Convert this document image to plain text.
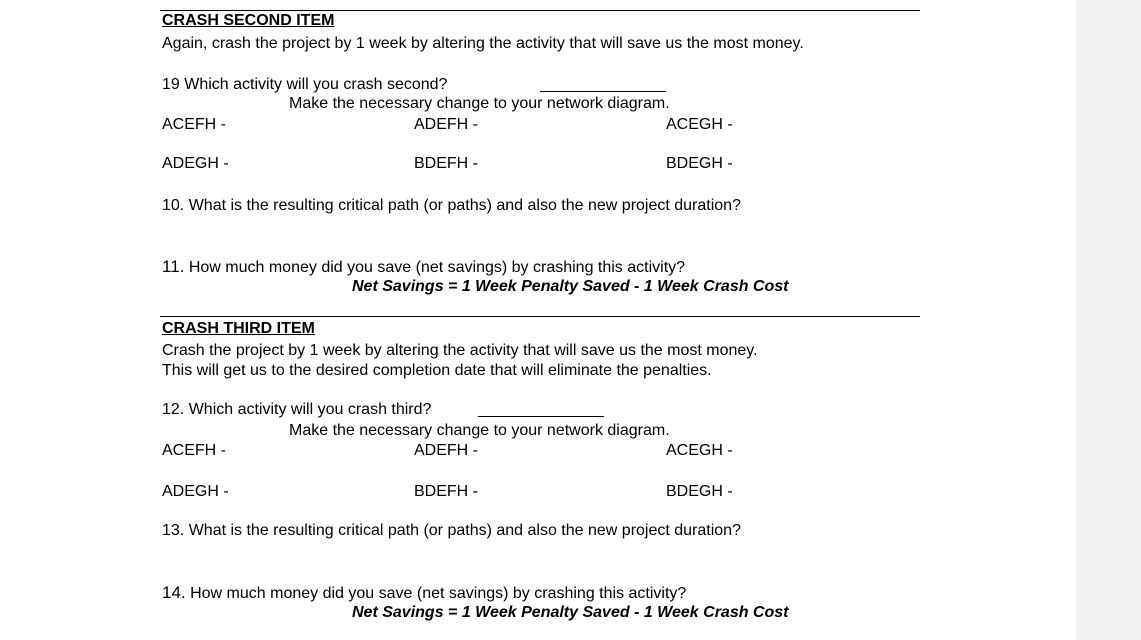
CRASH SECOND ITEM
Again, crash the project by 1 week by altering the activity that will save us the most money.
19 Which activity will you crash second?
Make the necessary change to your network diagram.
ACEFH -	ADEFH -	ACEGH -
ADEGH -	BDEFH -	BDEGH -
10. What is the resulting critical path (or paths) and also the new project duration?
11. How much money did you save (net savings) by crashing this activity?
Net Savings = 1 Week Penalty Saved - 1 Week Crash Cost
CRASH THIRD ITEM
Crash the project by 1 week by altering the activity that will save us the most money.
This will get us to the desired completion date that will eliminate the penalties.
12. Which activity will you crash third?
Make the necessary change to your network diagram.
ACEFH -	ADEFH -	ACEGH -
ADEGH -	BDEFH -	BDEGH -
13. What is the resulting critical path (or paths) and also the new project duration?
14. How much money did you save (net savings) by crashing this activity?
Net Savings = 1 Week Penalty Saved - 1 Week Crash Cost
